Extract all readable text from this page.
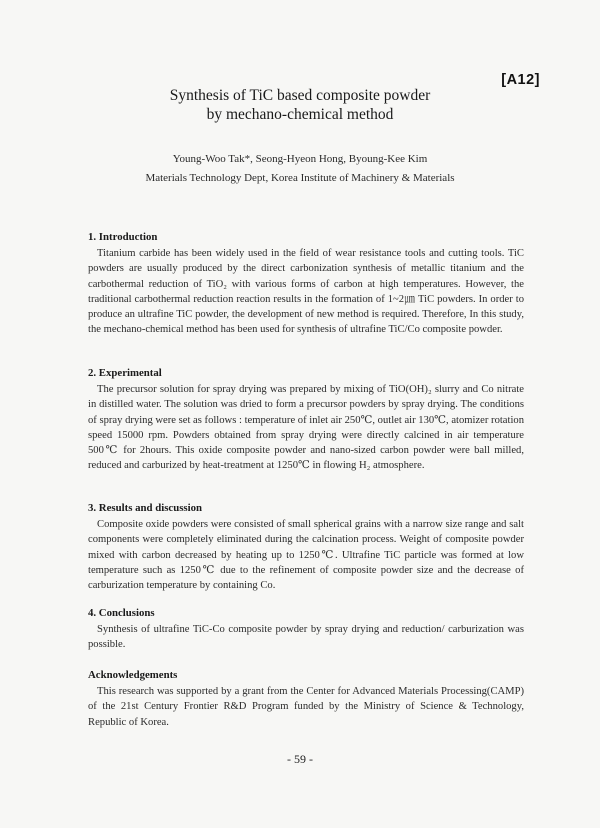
[A12]
Synthesis of TiC based composite powder
by mechano-chemical method
Young-Woo Tak*, Seong-Hyeon Hong, Byoung-Kee Kim
Materials Technology Dept, Korea Institute of Machinery & Materials

1. Introduction

Titanium carbide has been widely used in the field of wear resistance tools and cutting tools. TiC powders are usually produced by the direct carbonization synthesis of metallic titanium and the carbothermal reduction of TiO₂ with various forms of carbon at high temperatures. However, the traditional carbothermal reduction reaction results in the formation of 1~2㎛ TiC powders. In order to produce an ultrafine TiC powder, the development of new method is required. Therefore, In this study, the mechano-chemical method has been used for synthesis of ultrafine TiC/Co composite powder.

2. Experimental

The precursor solution for spray drying was prepared by mixing of TiO(OH)₂ slurry and Co nitrate in distilled water. The solution was dried to form a precursor powders by spray drying. The conditions of spray drying were set as follows : temperature of inlet air 250℃, outlet air 130℃, atomizer rotation speed 15000 rpm. Powders obtained from spray drying were directly calcined in air temperature 500℃ for 2hours. This oxide composite powder and nano-sized carbon powder were ball milled, reduced and carburized by heat-treatment at 1250℃ in flowing H₂ atmosphere.

3. Results and discussion

Composite oxide powders were consisted of small spherical grains with a narrow size range and salt components were completely eliminated during the calcination process. Weight of composite powder mixed with carbon decreased by heating up to 1250℃. Ultrafine TiC particle was formed at low temperature such as 1250℃ due to the refinement of composite powder size and the decrease of carburization temperature by containing Co.

4. Conclusions

Synthesis of ultrafine TiC-Co composite powder by spray drying and reduction/ carburization was possible.

Acknowledgements

This research was supported by a grant from the Center for Advanced Materials Processing(CAMP) of the 21st Century Frontier R&D Program funded by the Ministry of Science & Technology, Republic of Korea.

- 59 -
